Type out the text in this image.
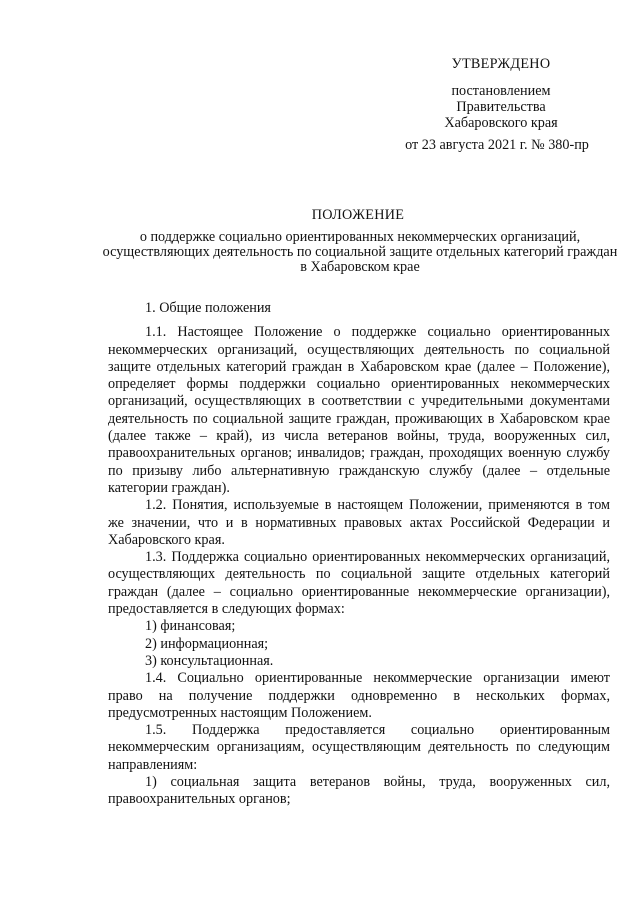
УТВЕРЖДЕНО
постановлением
Правительства
Хабаровского края
от 23 августа 2021 г. № 380-пр
ПОЛОЖЕНИЕ
о поддержке социально ориентированных некоммерческих организаций, осуществляющих деятельность по социальной защите отдельных категорий граждан в Хабаровском крае

1. Общие положения

1.1. Настоящее Положение о поддержке социально ориентированных некоммерческих организаций, осуществляющих деятельность по социальной защите отдельных категорий граждан в Хабаровском крае (далее – Положение), определяет формы поддержки социально ориентированных некоммерческих организаций, осуществляющих в соответствии с учредительными документами деятельность по социальной защите граждан, проживающих в Хабаровском крае (далее также – край), из числа ветеранов войны, труда, вооруженных сил, правоохранительных органов; инвалидов; граждан, проходящих военную службу по призыву либо альтернативную гражданскую службу (далее – отдельные категории граждан).

1.2. Понятия, используемые в настоящем Положении, применяются в том же значении, что и в нормативных правовых актах Российской Федерации и Хабаровского края.

1.3. Поддержка социально ориентированных некоммерческих организаций, осуществляющих деятельность по социальной защите отдельных категорий граждан (далее – социально ориентированные некоммерческие организации), предоставляется в следующих формах:

1) финансовая;

2) информационная;

3) консультационная.

1.4. Социально ориентированные некоммерческие организации имеют право на получение поддержки одновременно в нескольких формах, предусмотренных настоящим Положением.

1.5. Поддержка предоставляется социально ориентированным некоммерческим организациям, осуществляющим деятельность по следующим направлениям:

1) социальная защита ветеранов войны, труда, вооруженных сил, правоохранительных органов;
